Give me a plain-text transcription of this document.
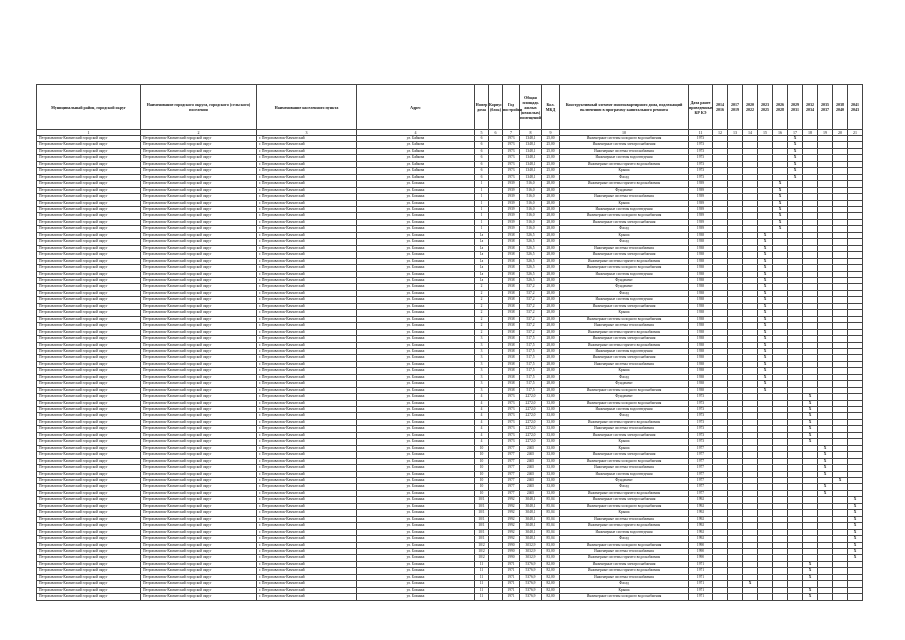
Муниципальный район, городской округ	Наименование городского округа, городского (сельского) поселения	Наименование населенного пункта	Адрес	Номер дома	Корпус (блок)	Год постройки	Общая площадь жилых (нежилых) помещений	Кол. МКД	Конструктивный элемент многоквартирного дома, подлежащий включению в программу капитального ремонта	Дата ранее проведенных КР КЭ	2014 2016	2017 2019	2020 2022	2023 2025	2026 2028	2029 2031	2032 2034	2035 2037	2038 2040	2041 2043
1	2	3	4	5	6	7	8	9	10	11	12	13	14	15	16	17	18	19	20	21
Петропавловск-Камчатский городской округ	Петропавловск-Камчатский городской округ	г. Петропавловск-Камчатский	ул. Байкова	6		1973	1348,1	25,00	Инженерные системы холодного водоснабжения	1973						X				
Петропавловск-Камчатский городской округ	Петропавловск-Камчатский городской округ	г. Петропавловск-Камчатский	ул. Байкова	6		1973	1348,1	25,00	Инженерные системы электроснабжения	1973						X				
Петропавловск-Камчатский городской округ	Петропавловск-Камчатский городской округ	г. Петропавловск-Камчатский	ул. Байкова	6		1973	1348,1	25,00	Инженерные системы теплоснабжения	1973						X				
Петропавловск-Камчатский городской округ	Петропавловск-Камчатский городской округ	г. Петропавловск-Камчатский	ул. Байкова	6		1973	1348,1	25,00	Инженерные системы водоотведения	1973						X				
Петропавловск-Камчатский городской округ	Петропавловск-Камчатский городской округ	г. Петропавловск-Камчатский	ул. Байкова	6		1973	1348,1	25,00	Инженерные системы горячего водоснабжения	1973						X				
Петропавловск-Камчатский городской округ	Петропавловск-Камчатский городской округ	г. Петропавловск-Камчатский	ул. Байкова	6		1973	1348,1	25,00	Крыша	1973						X				
Петропавловск-Камчатский городской округ	Петропавловск-Камчатский городской округ	г. Петропавловск-Камчатский	ул. Байкова	6		1973	1348,1	25,00	Фасад	1973						X				
Петропавловск-Камчатский городской округ	Петропавловск-Камчатский городской округ	г. Петропавловск-Камчатский	ул. Бохняка	1		1939	516,0	28,00	Инженерные системы горячего водоснабжения	1939					X					
Петропавловск-Камчатский городской округ	Петропавловск-Камчатский городской округ	г. Петропавловск-Камчатский	ул. Бохняка	1		1939	516,0	28,00	Фундамент	1939					X					
Петропавловск-Камчатский городской округ	Петропавловск-Камчатский городской округ	г. Петропавловск-Камчатский	ул. Бохняка	1		1939	516,0	28,00	Инженерные системы теплоснабжения	1939					X					
Петропавловск-Камчатский городской округ	Петропавловск-Камчатский городской округ	г. Петропавловск-Камчатский	ул. Бохняка	1		1939	516,0	28,00	Крыша	1939					X					
Петропавловск-Камчатский городской округ	Петропавловск-Камчатский городской округ	г. Петропавловск-Камчатский	ул. Бохняка	1		1939	516,0	28,00	Инженерные системы водоотведения	1939					X					
Петропавловск-Камчатский городской округ	Петропавловск-Камчатский городской округ	г. Петропавловск-Камчатский	ул. Бохняка	1		1939	516,0	28,00	Инженерные системы холодного водоснабжения	1939					X					
Петропавловск-Камчатский городской округ	Петропавловск-Камчатский городской округ	г. Петропавловск-Камчатский	ул. Бохняка	1		1939	516,0	28,00	Инженерные системы электроснабжения	1939					X					
Петропавловск-Камчатский городской округ	Петропавловск-Камчатский городской округ	г. Петропавловск-Камчатский	ул. Бохняка	1		1939	516,0	28,00	Фасад	1939					X					
Петропавловск-Камчатский городской округ	Петропавловск-Камчатский городской округ	г. Петропавловск-Камчатский	ул. Бохняка	1а		1938	526,5	28,00	Крыша	1938				X						
Петропавловск-Камчатский городской округ	Петропавловск-Камчатский городской округ	г. Петропавловск-Камчатский	ул. Бохняка	1а		1938	526,5	28,00	Фасад	1938				X						
Петропавловск-Камчатский городской округ	Петропавловск-Камчатский городской округ	г. Петропавловск-Камчатский	ул. Бохняка	1а		1938	526,5	28,00	Инженерные системы теплоснабжения	1938				X						
Петропавловск-Камчатский городской округ	Петропавловск-Камчатский городской округ	г. Петропавловск-Камчатский	ул. Бохняка	1а		1938	526,5	28,00	Инженерные системы электроснабжения	1938				X						
Петропавловск-Камчатский городской округ	Петропавловск-Камчатский городской округ	г. Петропавловск-Камчатский	ул. Бохняка	1а		1938	526,5	28,00	Инженерные системы горячего водоснабжения	1938				X						
Петропавловск-Камчатский городской округ	Петропавловск-Камчатский городской округ	г. Петропавловск-Камчатский	ул. Бохняка	1а		1938	526,5	28,00	Инженерные системы холодного водоснабжения	1938				X						
Петропавловск-Камчатский городской округ	Петропавловск-Камчатский городской округ	г. Петропавловск-Камчатский	ул. Бохняка	1а		1938	526,5	28,00	Инженерные системы водоотведения	1938				X						
Петропавловск-Камчатский городской округ	Петропавловск-Камчатский городской округ	г. Петропавловск-Камчатский	ул. Бохняка	1а		1938	526,5	28,00	Фундамент	1938				X						
Петропавловск-Камчатский городской округ	Петропавловск-Камчатский городской округ	г. Петропавловск-Камчатский	ул. Бохняка	2		1938	537,2	28,00	Фундамент	1938				X						
Петропавловск-Камчатский городской округ	Петропавловск-Камчатский городской округ	г. Петропавловск-Камчатский	ул. Бохняка	2		1938	537,2	28,00	Фасад	1938				X						
Петропавловск-Камчатский городской округ	Петропавловск-Камчатский городской округ	г. Петропавловск-Камчатский	ул. Бохняка	2		1938	537,2	28,00	Инженерные системы водоотведения	1938				X						
Петропавловск-Камчатский городской округ	Петропавловск-Камчатский городской округ	г. Петропавловск-Камчатский	ул. Бохняка	2		1938	537,2	28,00	Инженерные системы электроснабжения	1938				X						
Петропавловск-Камчатский городской округ	Петропавловск-Камчатский городской округ	г. Петропавловск-Камчатский	ул. Бохняка	2		1938	537,2	28,00	Крыша	1938				X						
Петропавловск-Камчатский городской округ	Петропавловск-Камчатский городской округ	г. Петропавловск-Камчатский	ул. Бохняка	2		1938	537,2	28,00	Инженерные системы холодного водоснабжения	1938				X						
Петропавловск-Камчатский городской округ	Петропавловск-Камчатский городской округ	г. Петропавловск-Камчатский	ул. Бохняка	2		1938	537,2	28,00	Инженерные системы теплоснабжения	1938				X						
Петропавловск-Камчатский городской округ	Петропавловск-Камчатский городской округ	г. Петропавловск-Камчатский	ул. Бохняка	2		1938	537,2	28,00	Инженерные системы горячего водоснабжения	1938				X						
Петропавловск-Камчатский городской округ	Петропавловск-Камчатский городской округ	г. Петропавловск-Камчатский	ул. Бохняка	3		1938	517,5	28,00	Инженерные системы электроснабжения	1938				X						
Петропавловск-Камчатский городской округ	Петропавловск-Камчатский городской округ	г. Петропавловск-Камчатский	ул. Бохняка	3		1938	517,5	28,00	Инженерные системы горячего водоснабжения	1938				X						
Петропавловск-Камчатский городской округ	Петропавловск-Камчатский городской округ	г. Петропавловск-Камчатский	ул. Бохняка	3		1938	517,5	28,00	Инженерные системы водоотведения	1938				X						
Петропавловск-Камчатский городской округ	Петропавловск-Камчатский городской округ	г. Петропавловск-Камчатский	ул. Бохняка	3		1938	517,5	28,00	Инженерные системы электроснабжения	1938				X						
Петропавловск-Камчатский городской округ	Петропавловск-Камчатский городской округ	г. Петропавловск-Камчатский	ул. Бохняка	3		1938	517,5	28,00	Инженерные системы теплоснабжения	1938				X						
Петропавловск-Камчатский городской округ	Петропавловск-Камчатский городской округ	г. Петропавловск-Камчатский	ул. Бохняка	3		1938	517,5	28,00	Крыша	1938				X						
Петропавловск-Камчатский городской округ	Петропавловск-Камчатский городской округ	г. Петропавловск-Камчатский	ул. Бохняка	3		1938	517,5	28,00	Фасад	1938				X						
Петропавловск-Камчатский городской округ	Петропавловск-Камчатский городской округ	г. Петропавловск-Камчатский	ул. Бохняка	3		1938	517,5	28,00	Фундамент	1938				X						
Петропавловск-Камчатский городской округ	Петропавловск-Камчатский городской округ	г. Петропавловск-Камчатский	ул. Бохняка	3		1938	517,5	28,00	Инженерные системы холодного водоснабжения	1938				X						
Петропавловск-Камчатский городской округ	Петропавловск-Камчатский городской округ	г. Петропавловск-Камчатский	ул. Бохняка	4		1973	2272,0	33,00	Фундамент	1973							X			
Петропавловск-Камчатский городской округ	Петропавловск-Камчатский городской округ	г. Петропавловск-Камчатский	ул. Бохняка	4		1973	2272,0	33,00	Инженерные системы холодного водоснабжения	1973							X			
Петропавловск-Камчатский городской округ	Петропавловск-Камчатский городской округ	г. Петропавловск-Камчатский	ул. Бохняка	4		1973	2272,0	33,00	Инженерные системы водоотведения	1973							X			
Петропавловск-Камчатский городской округ	Петропавловск-Камчатский городской округ	г. Петропавловск-Камчатский	ул. Бохняка	4		1973	2272,0	33,00	Фасад	1973							X			
Петропавловск-Камчатский городской округ	Петропавловск-Камчатский городской округ	г. Петропавловск-Камчатский	ул. Бохняка	4		1973	2272,0	33,00	Инженерные системы горячего водоснабжения	1973							X			
Петропавловск-Камчатский городской округ	Петропавловск-Камчатский городской округ	г. Петропавловск-Камчатский	ул. Бохняка	4		1973	2272,0	33,00	Инженерные системы теплоснабжения	1973							X			
Петропавловск-Камчатский городской округ	Петропавловск-Камчатский городской округ	г. Петропавловск-Камчатский	ул. Бохняка	4		1973	2272,0	33,00	Инженерные системы электроснабжения	1973							X			
Петропавловск-Камчатский городской округ	Петропавловск-Камчатский городской округ	г. Петропавловск-Камчатский	ул. Бохняка	4		1973	2272,0	33,00	Крыша	1973							X			
Петропавловск-Камчатский городской округ	Петропавловск-Камчатский городской округ	г. Петропавловск-Камчатский	ул. Бохняка	10		1977	2465	33,00	Крыша	1977								X		
Петропавловск-Камчатский городской округ	Петропавловск-Камчатский городской округ	г. Петропавловск-Камчатский	ул. Бохняка	10		1977	2465	33,00	Инженерные системы электроснабжения	1977								X		
Петропавловск-Камчатский городской округ	Петропавловск-Камчатский городской округ	г. Петропавловск-Камчатский	ул. Бохняка	10		1977	2465	33,00	Инженерные системы холодного водоснабжения	1977								X		
Петропавловск-Камчатский городской округ	Петропавловск-Камчатский городской округ	г. Петропавловск-Камчатский	ул. Бохняка	10		1977	2465	33,00	Инженерные системы теплоснабжения	1977								X		
Петропавловск-Камчатский городской округ	Петропавловск-Камчатский городской округ	г. Петропавловск-Камчатский	ул. Бохняка	10		1977	2465	33,00	Инженерные системы водоотведения	1977								X		
Петропавловск-Камчатский городской округ	Петропавловск-Камчатский городской округ	г. Петропавловск-Камчатский	ул. Бохняка	10		1977	2465	33,00	Фундамент	1977									X	
Петропавловск-Камчатский городской округ	Петропавловск-Камчатский городской округ	г. Петропавловск-Камчатский	ул. Бохняка	10		1977	2465	33,00	Фасад	1977								X		
Петропавловск-Камчатский городской округ	Петропавловск-Камчатский городской округ	г. Петропавловск-Камчатский	ул. Бохняка	10		1977	2465	33,00	Инженерные системы горячего водоснабжения	1977								X		
Петропавловск-Камчатский городской округ	Петропавловск-Камчатский городской округ	г. Петропавловск-Камчатский	ул. Бохняка	10/1		1992	3048,1	85,04	Инженерные системы электроснабжения	1992										X
Петропавловск-Камчатский городской округ	Петропавловск-Камчатский городской округ	г. Петропавловск-Камчатский	ул. Бохняка	10/1		1992	3048,1	85,04	Инженерные системы холодного водоснабжения	1992										X
Петропавловск-Камчатский городской округ	Петропавловск-Камчатский городской округ	г. Петропавловск-Камчатский	ул. Бохняка	10/1		1992	3048,1	85,04	Крыша	1992										X
Петропавловск-Камчатский городской округ	Петропавловск-Камчатский городской округ	г. Петропавловск-Камчатский	ул. Бохняка	10/1		1992	3048,1	85,04	Инженерные системы теплоснабжения	1992										X
Петропавловск-Камчатский городской округ	Петропавловск-Камчатский городской округ	г. Петропавловск-Камчатский	ул. Бохняка	10/1		1992	3048,1	85,04	Инженерные системы горячего водоснабжения	1992										X
Петропавловск-Камчатский городской округ	Петропавловск-Камчатский городской округ	г. Петропавловск-Камчатский	ул. Бохняка	10/1		1992	3048,1	85,04	Инженерные системы водоотведения	1992										X
Петропавловск-Камчатский городской округ	Петропавловск-Камчатский городской округ	г. Петропавловск-Камчатский	ул. Бохняка	10/1		1992	3048,1	85,04	Фасад	1992										X
Петропавловск-Камчатский городской округ	Петропавловск-Камчатский городской округ	г. Петропавловск-Камчатский	ул. Бохняка	10/2		1990	3032,9	83,00	Инженерные системы холодного водоснабжения	1990										X
Петропавловск-Камчатский городской округ	Петропавловск-Камчатский городской округ	г. Петропавловск-Камчатский	ул. Бохняка	10/2		1990	3032,9	83,00	Инженерные системы теплоснабжения	1990										X
Петропавловск-Камчатский городской округ	Петропавловск-Камчатский городской округ	г. Петропавловск-Камчатский	ул. Бохняка	10/2		1990	3032,9	83,00	Инженерные системы горячего водоснабжения	1990										X
Петропавловск-Камчатский городской округ	Петропавловск-Камчатский городской округ	г. Петропавловск-Камчатский	ул. Бохняка	11		1971	5376,9	82,00	Инженерные системы электроснабжения	1971							X			
Петропавловск-Камчатский городской округ	Петропавловск-Камчатский городской округ	г. Петропавловск-Камчатский	ул. Бохняка	11		1971	5376,9	82,00	Инженерные системы горячего водоснабжения	1971							X			
Петропавловск-Камчатский городской округ	Петропавловск-Камчатский городской округ	г. Петропавловск-Камчатский	ул. Бохняка	11		1971	5376,9	82,00	Инженерные системы теплоснабжения	1971							X			
Петропавловск-Камчатский городской округ	Петропавловск-Камчатский городской округ	г. Петропавловск-Камчатский	ул. Бохняка	11		1971	5376,9	82,00	Фасад	1971			X							
Петропавловск-Камчатский городской округ	Петропавловск-Камчатский городской округ	г. Петропавловск-Камчатский	ул. Бохняка	11		1971	5376,9	82,00	Крыша	1971							X			
Петропавловск-Камчатский городской округ	Петропавловск-Камчатский городской округ	г. Петропавловск-Камчатский	ул. Бохняка	11		1971	5376,9	82,00	Инженерные системы холодного водоснабжения	1971							X			
